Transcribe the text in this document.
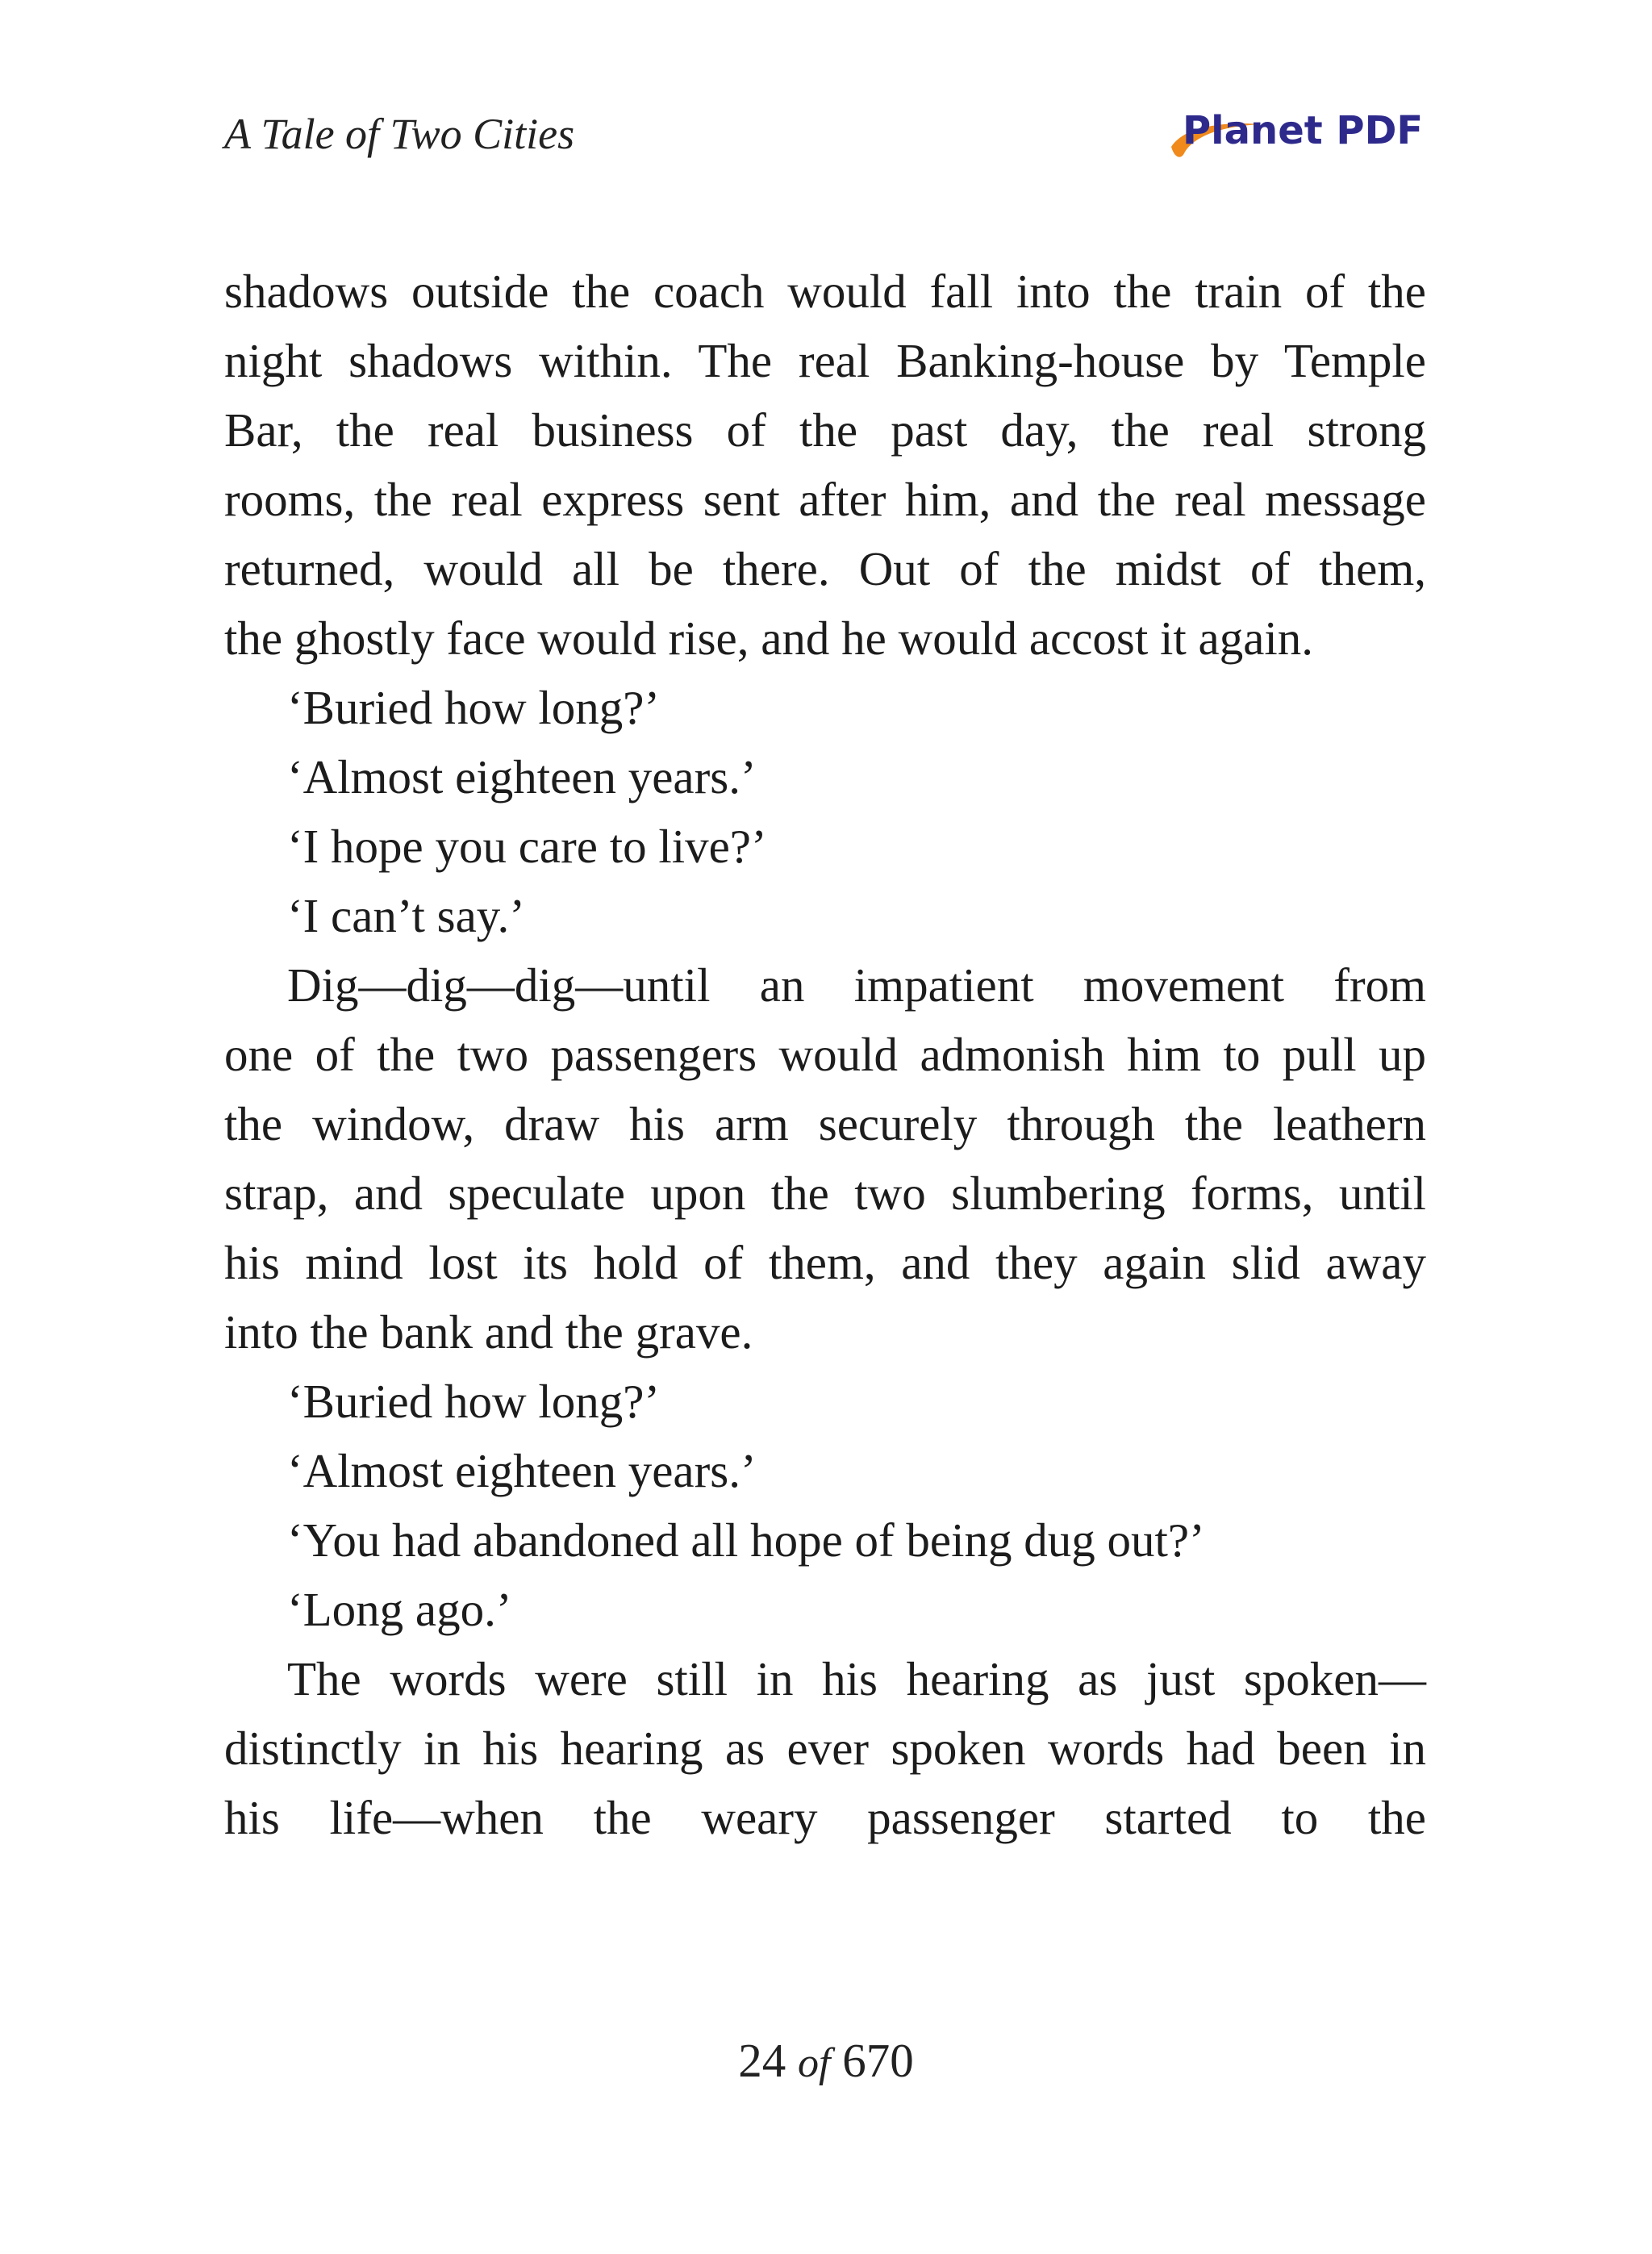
A Tale of Two Cities	Planet PDF
shadows outside the coach would fall into the train of the
night shadows within. The real Banking-house by Temple
Bar, the real business of the past day, the real strong
rooms, the real express sent after him, and the real message
returned, would all be there. Out of the midst of them,
the ghostly face would rise, and he would accost it again.
‘Buried how long?’
‘Almost eighteen years.’
‘I hope you care to live?’
‘I can’t say.’
Dig—dig—dig—until an impatient movement from
one of the two passengers would admonish him to pull up
the window, draw his arm securely through the leathern
strap, and speculate upon the two slumbering forms, until
his mind lost its hold of them, and they again slid away
into the bank and the grave.
‘Buried how long?’
‘Almost eighteen years.’
‘You had abandoned all hope of being dug out?’
‘Long ago.’
The words were still in his hearing as just spoken—
distinctly in his hearing as ever spoken words had been in
his life—when the weary passenger started to the
24 of 670
